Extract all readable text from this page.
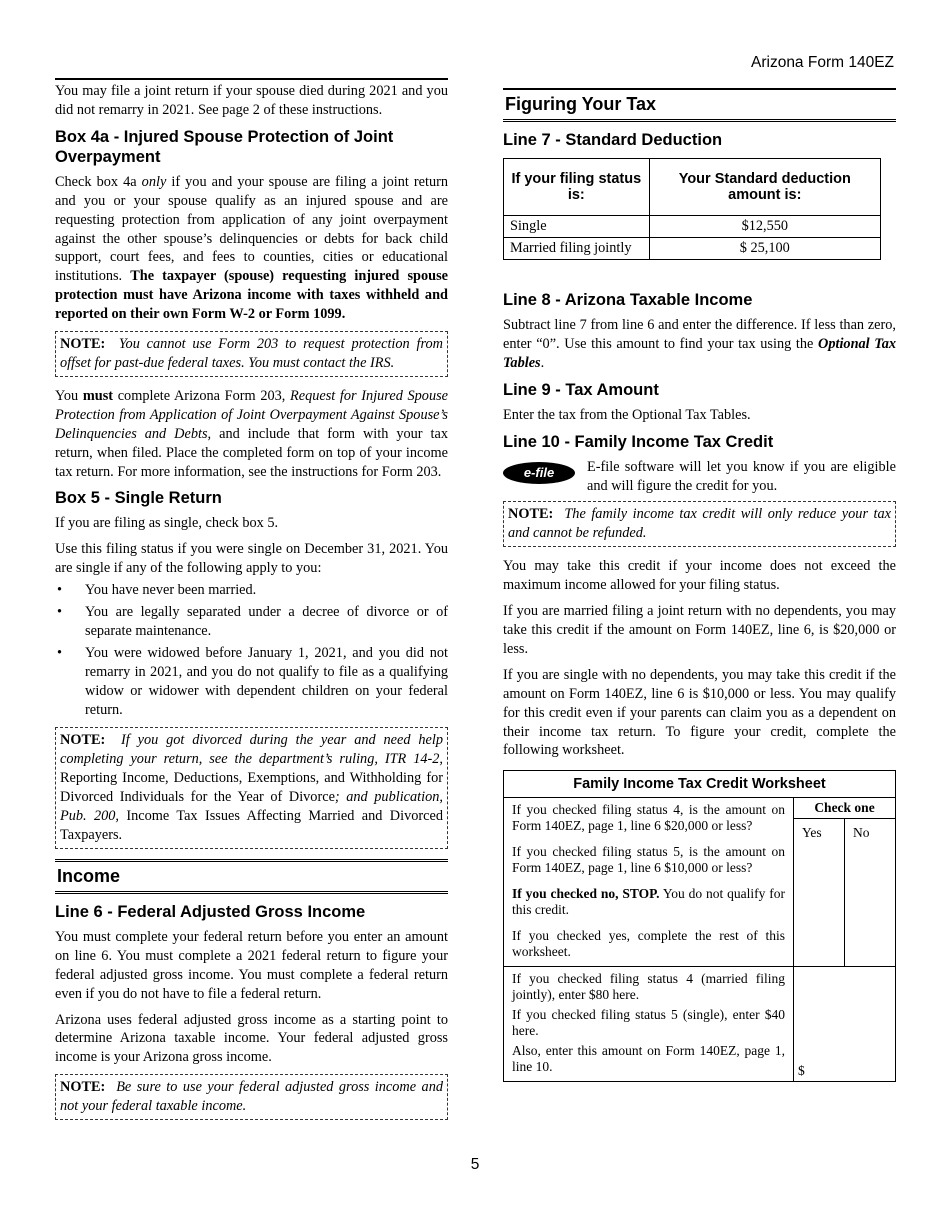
Arizona Form 140EZ

You may file a joint return if your spouse died during 2021 and you did not remarry in 2021. See page 2 of these instructions.

Box 4a - Injured Spouse Protection of Joint Overpayment

Check box 4a only if you and your spouse are filing a joint return and you or your spouse qualify as an injured spouse and are requesting protection from application of any joint overpayment against the other spouse’s delinquencies or debts for back child support, court fees, and fees to counties, cities or educational institutions. The taxpayer (spouse) requesting injured spouse protection must have Arizona income with taxes withheld and reported on their own Form W-2 or Form 1099.

NOTE: You cannot use Form 203 to request protection from offset for past-due federal taxes. You must contact the IRS.

You must complete Arizona Form 203, Request for Injured Spouse Protection from Application of Joint Overpayment Against Spouse’s Delinquencies and Debts, and include that form with your tax return, when filed. Place the completed form on top of your income tax return. For more information, see the instructions for Form 203.

Box 5 - Single Return

If you are filing as single, check box 5.

Use this filing status if you were single on December 31, 2021. You are single if any of the following apply to you:

• You have never been married.
• You are legally separated under a decree of divorce or of separate maintenance.
• You were widowed before January 1, 2021, and you did not remarry in 2021, and you do not qualify to file as a qualifying widow or widower with dependent children on your federal return.
NOTE: If you got divorced during the year and need help completing your return, see the department’s ruling, ITR 14-2, Reporting Income, Deductions, Exemptions, and Withholding for Divorced Individuals for the Year of Divorce; and publication, Pub. 200, Income Tax Issues Affecting Married and Divorced Taxpayers.
Income
Line 6 - Federal Adjusted Gross Income

You must complete your federal return before you enter an amount on line 6. You must complete a 2021 federal return to figure your federal adjusted gross income. You must complete a federal return even if you do not have to file a federal return.

Arizona uses federal adjusted gross income as a starting point to determine Arizona taxable income. Your federal adjusted gross income is your Arizona gross income.

NOTE: Be sure to use your federal adjusted gross income and not your federal taxable income.
Figuring Your Tax
Line 7 - Standard Deduction
If your filing status is:	Your Standard deduction amount is:
Single	$12,550
Married filing jointly	$ 25,100
Line 8 - Arizona Taxable Income

Subtract line 7 from line 6 and enter the difference. If less than zero, enter “0”. Use this amount to find your tax using the Optional Tax Tables.

Line 9 - Tax Amount

Enter the tax from the Optional Tax Tables.

Line 10 - Family Income Tax Credit
e-file	E-file software will let you know if you are eligible and will figure the credit for you.

NOTE: The family income tax credit will only reduce your tax and cannot be refunded.

You may take this credit if your income does not exceed the maximum income allowed for your filing status.

If you are married filing a joint return with no dependents, you may take this credit if the amount on Form 140EZ, line 6, is $20,000 or less.

If you are single with no dependents, you may take this credit if the amount on Form 140EZ, line 6 is $10,000 or less. You may qualify for this credit even if your parents can claim you as a dependent on their income tax return. To figure your credit, complete the following worksheet.

Family Income Tax Credit Worksheet		
If you checked filing status 4, is the amount on Form 140EZ, page 1, line 6 $20,000 or less?	Check one	
	Yes	No
If you checked filing status 5, is the amount on Form 140EZ, page 1, line 6 $10,000 or less?		
If you checked no, STOP. You do not qualify for this credit.		
If you checked yes, complete the rest of this worksheet.		

If you checked filing status 4 (married filing jointly), enter $80 here.
If you checked filing status 5 (single), enter $40 here.
Also, enter this amount on Form 140EZ, page 1, line 10.	$	
5
